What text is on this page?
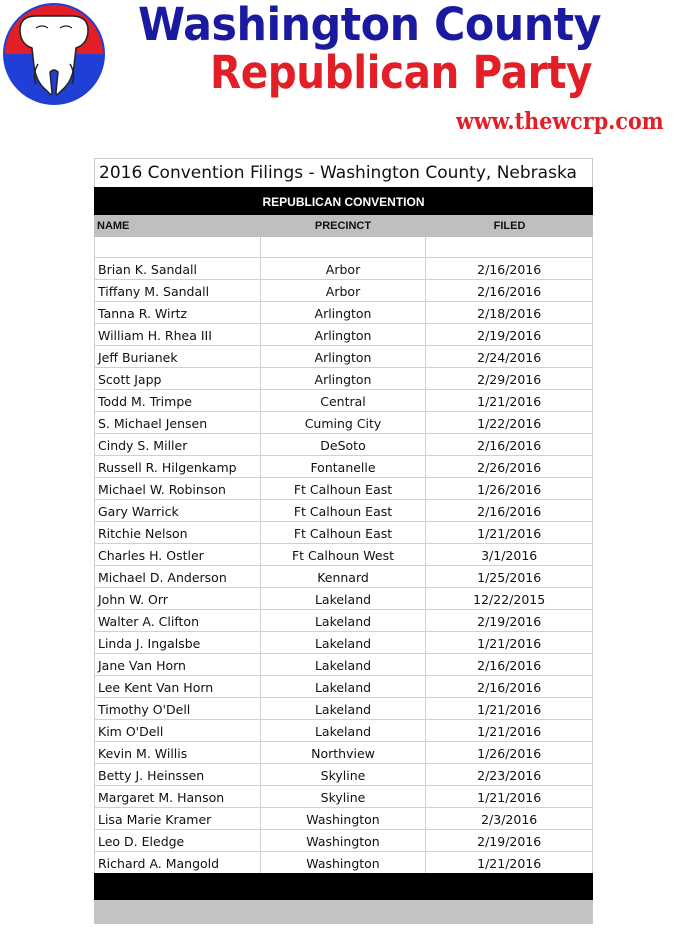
Washington County
Republican Party
www.thewcrp.com
2016 Convention Filings - Washington County, Nebraska
REPUBLICAN CONVENTION
NAME	PRECINCT	FILED
Brian K. Sandall	Arbor	2/16/2016
Tiffany M. Sandall	Arbor	2/16/2016
Tanna R. Wirtz	Arlington	2/18/2016
William H. Rhea III	Arlington	2/19/2016
Jeff Burianek	Arlington	2/24/2016
Scott Japp	Arlington	2/29/2016
Todd M. Trimpe	Central	1/21/2016
S. Michael Jensen	Cuming City	1/22/2016
Cindy S. Miller	DeSoto	2/16/2016
Russell R. Hilgenkamp	Fontanelle	2/26/2016
Michael W. Robinson	Ft Calhoun East	1/26/2016
Gary Warrick	Ft Calhoun East	2/16/2016
Ritchie Nelson	Ft Calhoun East	1/21/2016
Charles H. Ostler	Ft Calhoun West	3/1/2016
Michael D. Anderson	Kennard	1/25/2016
John W. Orr	Lakeland	12/22/2015
Walter A. Clifton	Lakeland	2/19/2016
Linda J. Ingalsbe	Lakeland	1/21/2016
Jane Van Horn	Lakeland	2/16/2016
Lee Kent Van Horn	Lakeland	2/16/2016
Timothy O'Dell	Lakeland	1/21/2016
Kim O'Dell	Lakeland	1/21/2016
Kevin M. Willis	Northview	1/26/2016
Betty J. Heinssen	Skyline	2/23/2016
Margaret M. Hanson	Skyline	1/21/2016
Lisa Marie Kramer	Washington	2/3/2016
Leo D. Eledge	Washington	2/19/2016
Richard A. Mangold	Washington	1/21/2016
